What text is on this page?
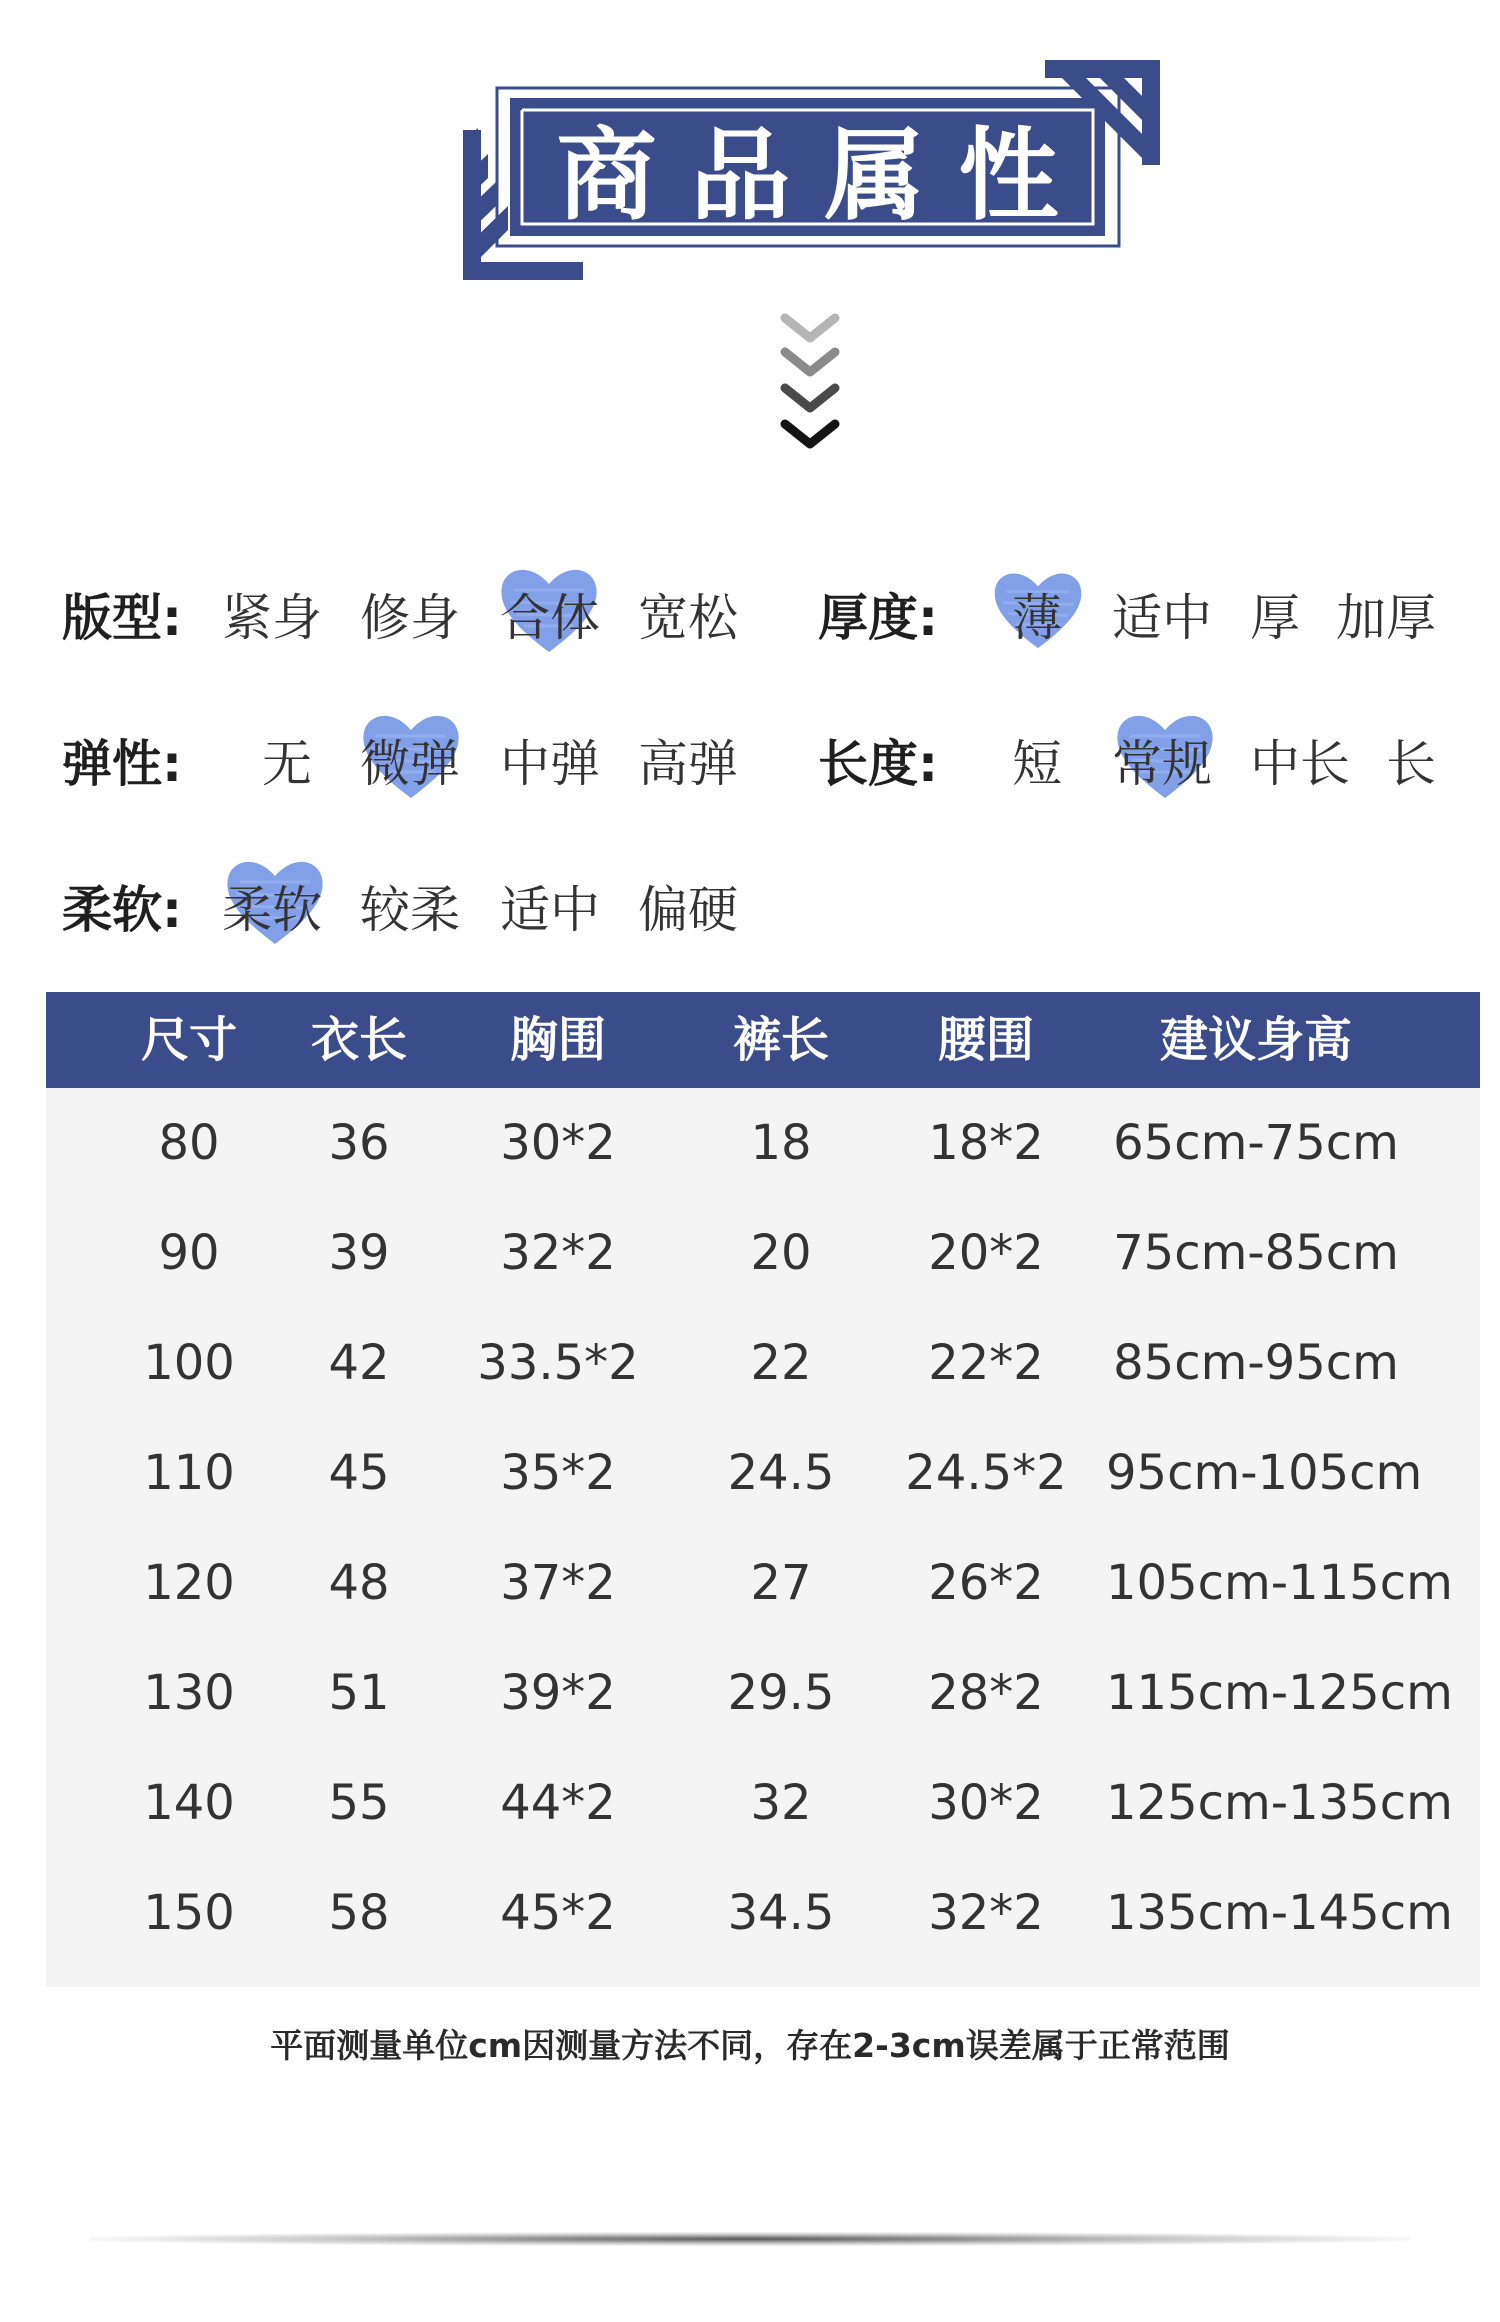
商品属性
版型: 紧身 修身 合体 宽松 厚度: 薄 适中 厚 加厚
弹性: 无 微弹 中弹 高弹 长度: 短 常规 中长 长
柔软: 柔软 较柔 适中 偏硬
尺寸	衣长	胸围	裤长	腰围	建议身高
80	36	30*2	18	18*2	65cm-75cm
90	39	32*2	20	20*2	75cm-85cm
100	42	33.5*2	22	22*2	85cm-95cm
110	45	35*2	24.5	24.5*2 95cm-105cm
120	48	37*2	27	26*2	105cm-115cm
130	51	39*2	29.5	28*2	115cm-125cm
140	55	44*2	32	30*2	125cm-135cm
150	58	45*2	34.5	32*2	135cm-145cm
平面测量单位cm因测量方法不同，存在2-3cm误差属于正常范围
